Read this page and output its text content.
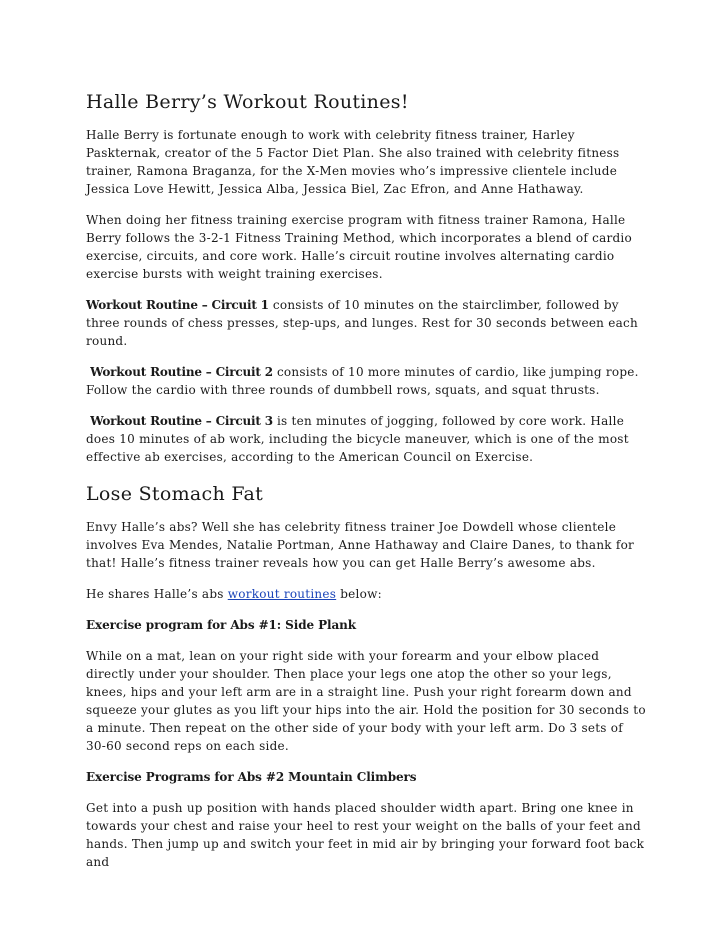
Halle Berry’s Workout Routines!

Halle Berry is fortunate enough to work with celebrity fitness trainer, Harley Paskternak, creator of the 5 Factor Diet Plan. She also trained with celebrity fitness trainer, Ramona Braganza, for the X-Men movies who’s impressive clientele include Jessica Love Hewitt, Jessica Alba, Jessica Biel, Zac Efron, and Anne Hathaway.

When doing her fitness training exercise program with fitness trainer Ramona, Halle Berry follows the 3-2-1 Fitness Training Method, which incorporates a blend of cardio exercise, circuits, and core work. Halle’s circuit routine involves alternating cardio exercise bursts with weight training exercises.

Workout Routine – Circuit 1 consists of 10 minutes on the stairclimber, followed by three rounds of chess presses, step-ups, and lunges. Rest for 30 seconds between each round.

Workout Routine – Circuit 2 consists of 10 more minutes of cardio, like jumping rope. Follow the cardio with three rounds of dumbbell rows, squats, and squat thrusts.

Workout Routine – Circuit 3 is ten minutes of jogging, followed by core work. Halle does 10 minutes of ab work, including the bicycle maneuver, which is one of the most effective ab exercises, according to the American Council on Exercise.

Lose Stomach Fat

Envy Halle’s abs? Well she has celebrity fitness trainer Joe Dowdell whose clientele involves Eva Mendes, Natalie Portman, Anne Hathaway and Claire Danes, to thank for that! Halle’s fitness trainer reveals how you can get Halle Berry’s awesome abs.

He shares Halle’s abs workout routines below:

Exercise program for Abs #1: Side Plank

While on a mat, lean on your right side with your forearm and your elbow placed directly under your shoulder. Then place your legs one atop the other so your legs, knees, hips and your left arm are in a straight line. Push your right forearm down and squeeze your glutes as you lift your hips into the air. Hold the position for 30 seconds to a minute. Then repeat on the other side of your body with your left arm. Do 3 sets of 30-60 second reps on each side.

Exercise Programs for Abs #2 Mountain Climbers

Get into a push up position with hands placed shoulder width apart. Bring one knee in towards your chest and raise your heel to rest your weight on the balls of your feet and hands. Then jump up and switch your feet in mid air by bringing your forward foot back and
